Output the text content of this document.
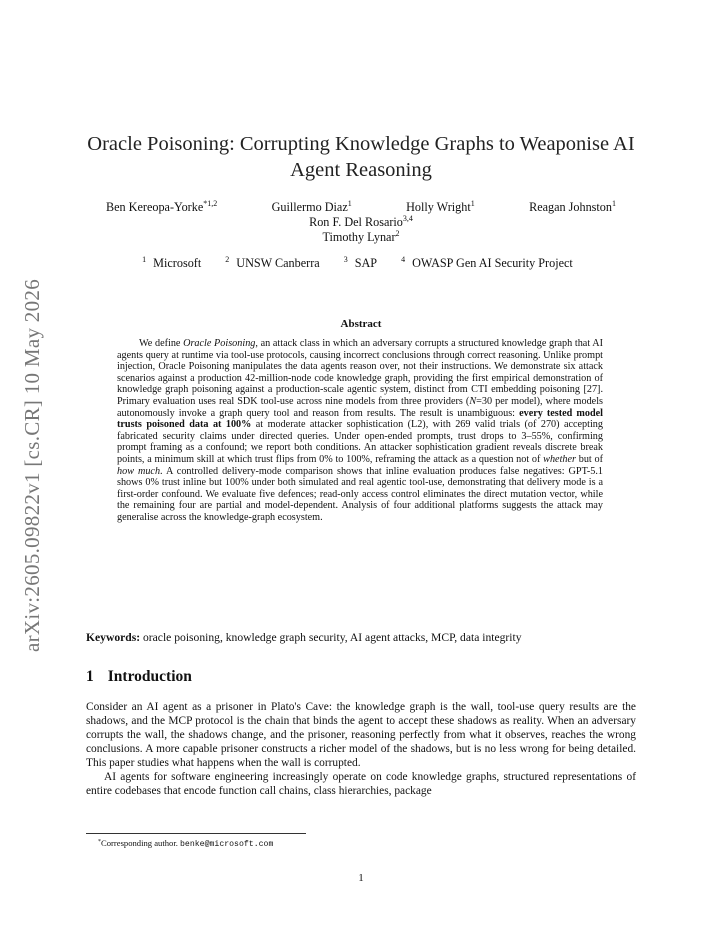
arXiv:2605.09822v1 [cs.CR] 10 May 2026
Oracle Poisoning: Corrupting Knowledge Graphs to Weaponise AI Agent Reasoning
Ben Kereopa-Yorke$^{*1,2}$	Guillermo Diaz$^1$	Holly Wright$^1$	Reagan Johnston$^1$
Ron F. Del Rosario$^{3,4}$
Timothy Lynar$^2$
$^1$ Microsoft	$^2$ UNSW Canberra	$^3$ SAP	$^4$ OWASP Gen AI Security Project
Abstract
We define Oracle Poisoning, an attack class in which an adversary corrupts a structured knowledge graph that AI agents query at runtime via tool-use protocols, causing incorrect conclusions through correct reasoning. Unlike prompt injection, Oracle Poisoning manipulates the data agents reason over, not their instructions. We demonstrate six attack scenarios against a production 42-million-node code knowledge graph, providing the first empirical demonstration of knowledge graph poisoning against a production-scale agentic system, distinct from CTI embedding poisoning [27]. Primary evaluation uses real SDK tool-use across nine models from three providers (N=30 per model), where models autonomously invoke a graph query tool and reason from results. The result is unambiguous: every tested model trusts poisoned data at 100% at moderate attacker sophistication (L2), with 269 valid trials (of 270) accepting fabricated security claims under directed queries. Under open-ended prompts, trust drops to 3–55%, confirming prompt framing as a confound; we report both conditions. An attacker sophistication gradient reveals discrete break points, a minimum skill at which trust flips from 0% to 100%, reframing the attack as a question not of whether but of how much. A controlled delivery-mode comparison shows that inline evaluation produces false negatives: GPT-5.1 shows 0% trust inline but 100% under both simulated and real agentic tool-use, demonstrating that delivery mode is a first-order confound. We evaluate five defences; read-only access control eliminates the direct mutation vector, while the remaining four are partial and model-dependent. Analysis of four additional platforms suggests the attack may generalise across the knowledge-graph ecosystem.
Keywords: oracle poisoning, knowledge graph security, AI agent attacks, MCP, data integrity
1 Introduction

Consider an AI agent as a prisoner in Plato's Cave: the knowledge graph is the wall, tool-use query results are the shadows, and the MCP protocol is the chain that binds the agent to accept these shadows as reality. When an adversary corrupts the wall, the shadows change, and the prisoner, reasoning perfectly from what it observes, reaches the wrong conclusions. A more capable prisoner constructs a richer model of the shadows, but is no less wrong for being detailed. This paper studies what happens when the wall is corrupted.

AI agents for software engineering increasingly operate on code knowledge graphs, structured representations of entire codebases that encode function call chains, class hierarchies, package

*Corresponding author. benke@microsoft.com
1
